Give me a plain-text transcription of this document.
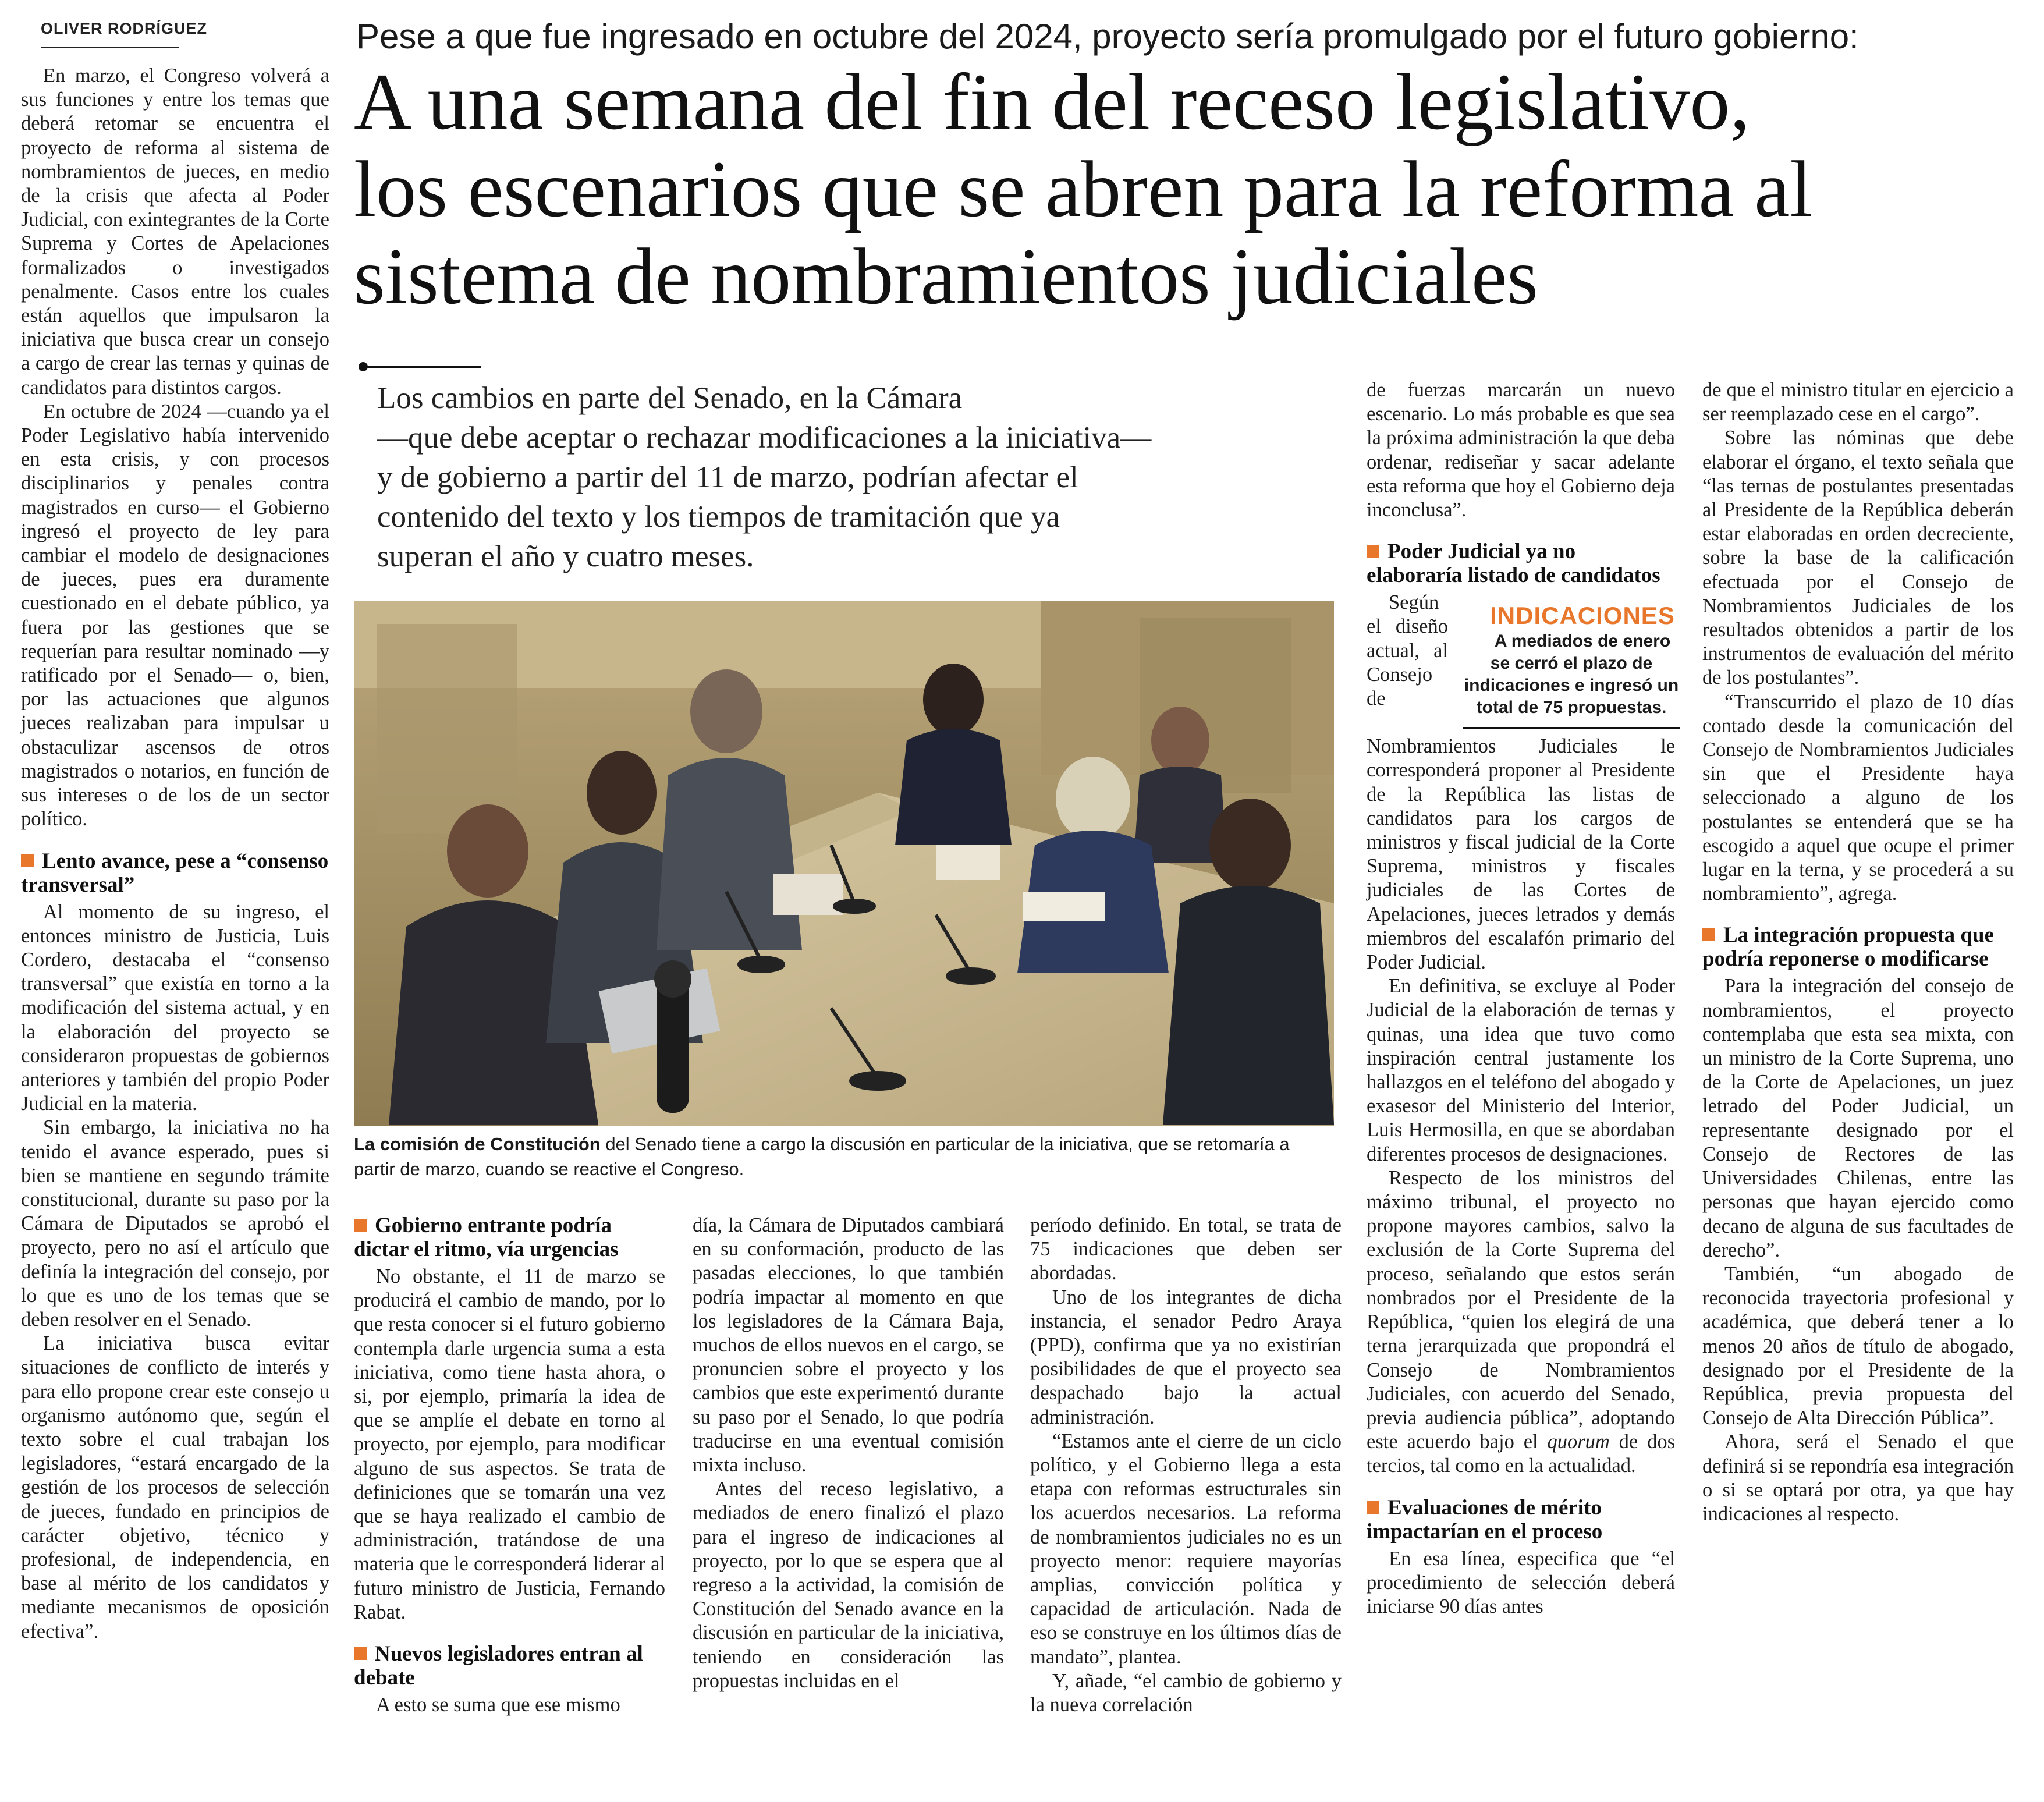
OLIVER RODRÍGUEZ	Pese a que fue ingresado en octubre del 2024, proyecto sería promulgado por el futuro gobierno:
A una semana del fin del receso legislativo,
los escenarios que se abren para la reforma al
sistema de nombramientos judiciales
Los cambios en parte del Senado, en la Cámara
—que debe aceptar o rechazar modificaciones a la iniciativa—
y de gobierno a partir del 11 de marzo, podrían afectar el
contenido del texto y los tiempos de tramitación que ya
superan el año y cuatro meses.
La comisión de Constitución del Senado tiene a cargo la discusión en particular de la iniciativa, que se retomaría a partir de marzo, cuando se reactive el Congreso.

En marzo, el Congreso volverá a sus funciones y entre los temas que deberá retomar se encuentra el proyecto de reforma al sistema de nombramientos de jueces, en medio de la crisis que afecta al Poder Judicial, con exintegrantes de la Corte Suprema y Cortes de Apelaciones formalizados o investigados penalmente. Casos entre los cuales están aquellos que impulsaron la iniciativa que busca crear un consejo a cargo de crear las ternas y quinas de candidatos para distintos cargos.

En octubre de 2024 —cuando ya el Poder Legislativo había intervenido en esta crisis, y con procesos disciplinarios y penales contra magistrados en curso— el Gobierno ingresó el proyecto de ley para cambiar el modelo de designaciones de jueces, pues era duramente cuestionado en el debate público, ya fuera por las gestiones que se requerían para resultar nominado —y ratificado por el Senado— o, bien, por las actuaciones que algunos jueces realizaban para impulsar u obstaculizar ascensos de otros magistrados o notarios, en función de sus intereses o de los de un sector político.

Lento avance, pese a “consenso transversal”

Al momento de su ingreso, el entonces ministro de Justicia, Luis Cordero, destacaba el “consenso transversal” que existía en torno a la modificación del sistema actual, y en la elaboración del proyecto se consideraron propuestas de gobiernos anteriores y también del propio Poder Judicial en la materia.

Sin embargo, la iniciativa no ha tenido el avance esperado, pues si bien se mantiene en segundo trámite constitucional, durante su paso por la Cámara de Diputados se aprobó el proyecto, pero no así el artículo que definía la integración del consejo, por lo que es uno de los temas que se deben resolver en el Senado.

La iniciativa busca evitar situaciones de conflicto de interés y para ello propone crear este consejo u organismo autónomo que, según el texto sobre el cual trabajan los legisladores, “estará encargado de la gestión de los procesos de selección de jueces, fundado en principios de carácter objetivo, técnico y profesional, de independencia, en base al mérito de los candidatos y mediante mecanismos de oposición efectiva”.

Gobierno entrante podría dictar el ritmo, vía urgencias

No obstante, el 11 de marzo se producirá el cambio de mando, por lo que resta conocer si el futuro gobierno contempla darle urgencia suma a esta iniciativa, como tiene hasta ahora, o si, por ejemplo, primaría la idea de que se amplíe el debate en torno al proyecto, por ejemplo, para modificar alguno de sus aspectos. Se trata de definiciones que se tomarán una vez que se haya realizado el cambio de administración, tratándose de una materia que le corresponderá liderar al futuro ministro de Justicia, Fernando Rabat.

Nuevos legisladores entran al debate

A esto se suma que ese mismo

día, la Cámara de Diputados cambiará en su conformación, producto de las pasadas elecciones, lo que también podría impactar al momento en que los legisladores de la Cámara Baja, muchos de ellos nuevos en el cargo, se pronuncien sobre el proyecto y los cambios que este experimentó durante su paso por el Senado, lo que podría traducirse en una eventual comisión mixta incluso.

Antes del receso legislativo, a mediados de enero finalizó el plazo para el ingreso de indicaciones al proyecto, por lo que se espera que al regreso a la actividad, la comisión de Constitución del Senado avance en la discusión en particular de la iniciativa, teniendo en consideración las propuestas incluidas en el

período definido. En total, se trata de 75 indicaciones que deben ser abordadas.

Uno de los integrantes de dicha instancia, el senador Pedro Araya (PPD), confirma que ya no existirían posibilidades de que el proyecto sea despachado bajo la actual administración.

“Estamos ante el cierre de un ciclo político, y el Gobierno llega a esta etapa con reformas estructurales sin los acuerdos necesarios. La reforma de nombramientos judiciales no es un proyecto menor: requiere mayorías amplias, convicción política y capacidad de articulación. Nada de eso se construye en los últimos días de mandato”, plantea.

Y, añade, “el cambio de gobierno y la nueva correlación

de fuerzas marcarán un nuevo escenario. Lo más probable es que sea la próxima administración la que deba ordenar, rediseñar y sacar adelante esta reforma que hoy el Gobierno deja inconclusa”.

Poder Judicial ya no elaboraría listado de candidatos

INDICACIONES
A mediados de enero se cerró el plazo de indicaciones e ingresó un total de 75 propuestas.
Según el diseño actual, al Consejo de Nombramientos Judiciales le corresponderá proponer al Presidente de la República las listas de candidatos para los cargos de ministros y fiscal judicial de la Corte Suprema, ministros y fiscales judiciales de las Cortes de Apelaciones, jueces letrados y demás miembros del escalafón primario del Poder Judicial.

En definitiva, se excluye al Poder Judicial de la elaboración de ternas y quinas, una idea que tuvo como inspiración central justamente los hallazgos en el teléfono del abogado y exasesor del Ministerio del Interior, Luis Hermosilla, en que se abordaban diferentes procesos de designaciones.

Respecto de los ministros del máximo tribunal, el proyecto no propone mayores cambios, salvo la exclusión de la Corte Suprema del proceso, señalando que estos serán nombrados por el Presidente de la República, “quien los elegirá de una terna jerarquizada que propondrá el Consejo de Nombramientos Judiciales, con acuerdo del Senado, previa audiencia pública”, adoptando este acuerdo bajo el quorum de dos tercios, tal como en la actualidad.

Evaluaciones de mérito impactarían en el proceso

En esa línea, especifica que “el procedimiento de selección deberá iniciarse 90 días antes

de que el ministro titular en ejercicio a ser reemplazado cese en el cargo”.

Sobre las nóminas que debe elaborar el órgano, el texto señala que “las ternas de postulantes presentadas al Presidente de la República deberán estar elaboradas en orden decreciente, sobre la base de la calificación efectuada por el Consejo de Nombramientos Judiciales de los resultados obtenidos a partir de los instrumentos de evaluación del mérito de los postulantes”.

“Transcurrido el plazo de 10 días contado desde la comunicación del Consejo de Nombramientos Judiciales sin que el Presidente haya seleccionado a alguno de los postulantes se entenderá que se ha escogido a aquel que ocupe el primer lugar en la terna, y se procederá a su nombramiento”, agrega.

La integración propuesta que podría reponerse o modificarse

Para la integración del consejo de nombramientos, el proyecto contemplaba que esta sea mixta, con un ministro de la Corte Suprema, uno de la Corte de Apelaciones, un juez letrado del Poder Judicial, un representante designado por el Consejo de Rectores de las Universidades Chilenas, entre las personas que hayan ejercido como decano de alguna de sus facultades de derecho”.

También, “un abogado de reconocida trayectoria profesional y académica, que deberá tener a lo menos 20 años de título de abogado, designado por el Presidente de la República, previa propuesta del Consejo de Alta Dirección Pública”.

Ahora, será el Senado el que definirá si se repondría esa integración o si se optará por otra, ya que hay indicaciones al respecto.
